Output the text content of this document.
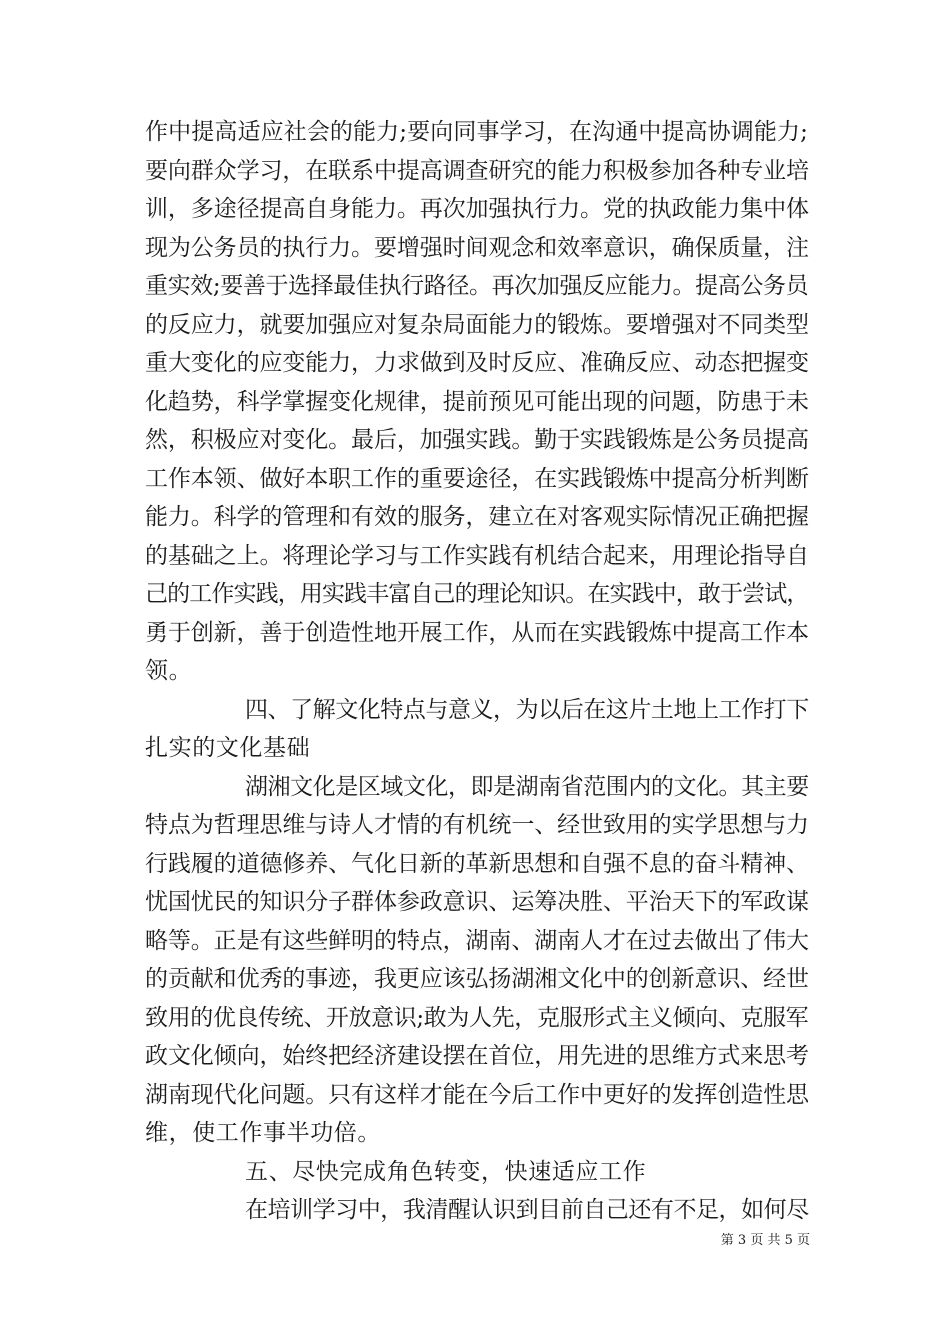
作中提高适应社会的能力;要向同事学习，在沟通中提高协调能力;
要向群众学习，在联系中提高调查研究的能力积极参加各种专业培
训，多途径提高自身能力。再次加强执行力。党的执政能力集中体
现为公务员的执行力。要增强时间观念和效率意识，确保质量，注
重实效;要善于选择最佳执行路径。再次加强反应能力。提高公务员
的反应力，就要加强应对复杂局面能力的锻炼。要增强对不同类型
重大变化的应变能力，力求做到及时反应、准确反应、动态把握变
化趋势，科学掌握变化规律，提前预见可能出现的问题，防患于未
然，积极应对变化。最后，加强实践。勤于实践锻炼是公务员提高
工作本领、做好本职工作的重要途径，在实践锻炼中提高分析判断
能力。科学的管理和有效的服务，建立在对客观实际情况正确把握
的基础之上。将理论学习与工作实践有机结合起来，用理论指导自
己的工作实践，用实践丰富自己的理论知识。在实践中，敢于尝试，
勇于创新，善于创造性地开展工作，从而在实践锻炼中提高工作本
领。
四、了解文化特点与意义，为以后在这片土地上工作打下
扎实的文化基础
湖湘文化是区域文化，即是湖南省范围内的文化。其主要
特点为哲理思维与诗人才情的有机统一、经世致用的实学思想与力
行践履的道德修养、气化日新的革新思想和自强不息的奋斗精神、
忧国忧民的知识分子群体参政意识、运筹决胜、平治天下的军政谋
略等。正是有这些鲜明的特点，湖南、湖南人才在过去做出了伟大
的贡献和优秀的事迹，我更应该弘扬湖湘文化中的创新意识、经世
致用的优良传统、开放意识;敢为人先，克服形式主义倾向、克服军
政文化倾向，始终把经济建设摆在首位，用先进的思维方式来思考
湖南现代化问题。只有这样才能在今后工作中更好的发挥创造性思
维，使工作事半功倍。
五、尽快完成角色转变，快速适应工作
在培训学习中，我清醒认识到目前自己还有不足，如何尽
第 3 页 共 5 页
